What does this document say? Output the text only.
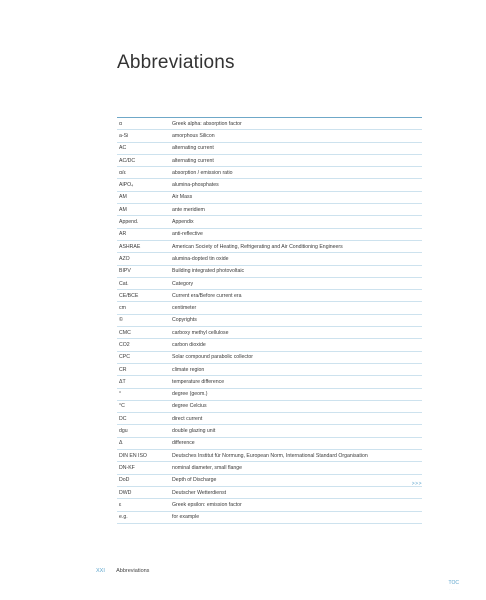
Abbreviations
α	Greek alpha: absorption factor
a-Si	amorphous Silicon
AC	alternating current
AC/DC	alternating current
α/ε	absorption / emission ratio
AlPO₄	alumina-phosphates
AM	Air Mass
AM	ante meridiem
Append.	Appendix
AR	anti-reflective
ASHRAE	American Society of Heating, Refrigerating and Air Conditioning Engineers
AZO	alumina-dopted tin oxide
BIPV	Building integrated photovoltaic
Cat.	Category
CE/BCE	Current era/Before current era
cm	centimeter
©	Copyrights
CMC	carboxy methyl cellulose
CO2	carbon dioxide
CPC	Solar compound parabolic collector
CR	climate region
ΔT	temperature difference
°	degree (geom.)
°C	degree Celcius
DC	direct current
dgu	double glazing unit
Δ	difference
DIN EN ISO	Deutsches Institut für Normung, European Norm, International Standard Organisation
DN-KF	nominal diameter, small flange
DoD	Depth of Discharge
DWD	Deutscher Wetterdienst
ε	Greek epsilon: emission factor
e.g.	for example
>>>
XXI Abbreviations
TOC
.....
